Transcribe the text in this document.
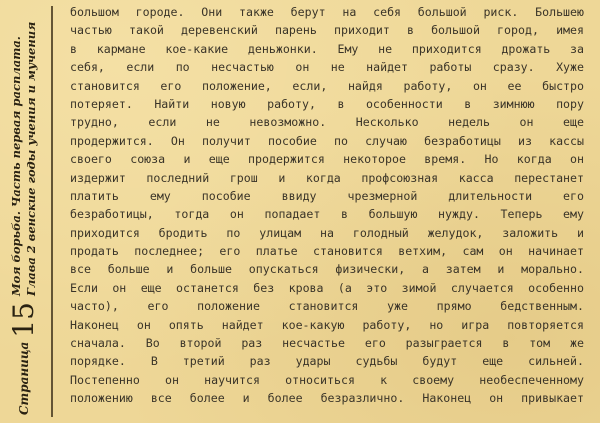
Страница
15
Моя борьба. Часть первая расплата. Глава 2 венские годы учения и мучения
большом городе. Они также берут на себя большой риск. Большею
частью такой деревенский парень приходит в большой город, имея
в кармане кое-какие деньжонки. Ему не приходится дрожать за
себя, если по несчастью он не найдет работы сразу. Хуже
становится его положение, если, найдя работу, он ее быстро
потеряет. Найти новую работу, в особенности в зимнюю пору
трудно, если не невозможно. Несколько недель он еще
продержится. Он получит пособие по случаю безработицы из кассы
своего союза и еще продержится некоторое время. Но когда он
издержит последний грош и когда профсоюзная касса перестанет
платить ему пособие ввиду чрезмерной длительности его
безработицы, тогда он попадает в большую нужду. Теперь ему
приходится бродить по улицам на голодный желудок, заложить и
продать последнее; его платье становится ветхим, сам он начинает
все больше и больше опускаться физически, а затем и морально.
Если он еще останется без крова (а это зимой случается особенно
часто), его положение становится уже прямо бедственным.
Наконец он опять найдет кое-какую работу, но игра повторяется
сначала. Во второй раз несчастье его разыграется в том же
порядке. В третий раз удары судьбы будут еще сильней.
Постепенно он научится относиться к своему необеспеченному
положению все более и более безразлично. Наконец он привыкает
